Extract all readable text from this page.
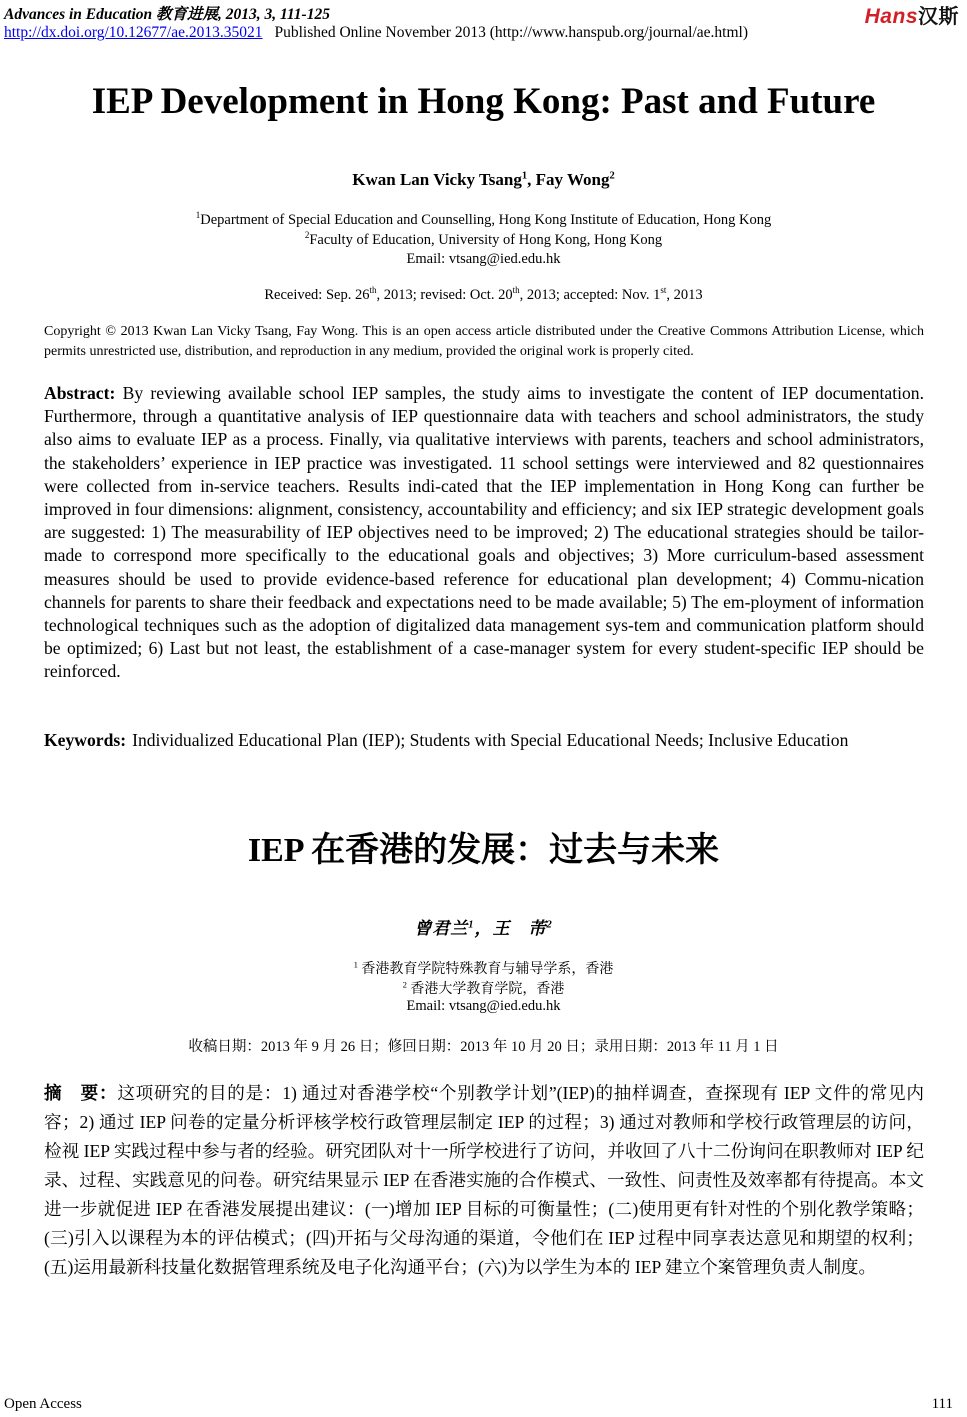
Advances in Education 教育进展, 2013, 3, 111-125
http://dx.doi.org/10.12677/ae.2013.35021 Published Online November 2013 (http://www.hanspub.org/journal/ae.html)
Hans汉斯
IEP Development in Hong Kong: Past and Future
Kwan Lan Vicky Tsang$^1$, Fay Wong$^2$
$^1$Department of Special Education and Counselling, Hong Kong Institute of Education, Hong Kong
$^2$Faculty of Education, University of Hong Kong, Hong Kong
Email: vtsang@ied.edu.hk
Received: Sep. 26th, 2013; revised: Oct. 20th, 2013; accepted: Nov. 1st, 2013
Copyright © 2013 Kwan Lan Vicky Tsang, Fay Wong. This is an open access article distributed under the Creative Commons Attribution License, which permits unrestricted use, distribution, and reproduction in any medium, provided the original work is properly cited.
Abstract: By reviewing available school IEP samples, the study aims to investigate the content of IEP documentation. Furthermore, through a quantitative analysis of IEP questionnaire data with teachers and school administrators, the study also aims to evaluate IEP as a process. Finally, via qualitative interviews with parents, teachers and school administrators, the stakeholders’ experience in IEP practice was investigated. 11 school settings were interviewed and 82 questionnaires were collected from in-service teachers. Results indi-cated that the IEP implementation in Hong Kong can further be improved in four dimensions: alignment, consistency, accountability and efficiency; and six IEP strategic development goals are suggested: 1) The measurability of IEP objectives need to be improved; 2) The educational strategies should be tailor-made to correspond more specifically to the educational goals and objectives; 3) More curriculum-based assessment measures should be used to provide evidence-based reference for educational plan development; 4) Commu-nication channels for parents to share their feedback and expectations need to be made available; 5) The em-ployment of information technological techniques such as the adoption of digitalized data management sys-tem and communication platform should be optimized; 6) Last but not least, the establishment of a case-manager system for every student-specific IEP should be reinforced.
Keywords: Individualized Educational Plan (IEP); Students with Special Educational Needs; Inclusive Education
IEP 在香港的发展：过去与未来
曾君兰$^1$，王　芾$^2$
$^1$ 香港教育学院特殊教育与辅导学系，香港
$^2$ 香港大学教育学院，香港
Email: vtsang@ied.edu.hk
收稿日期：2013 年 9 月 26 日；修回日期：2013 年 10 月 20 日；录用日期：2013 年 11 月 1 日
摘　要：这项研究的目的是：1) 通过对香港学校“个别教学计划”(IEP)的抽样调查，查探现有 IEP 文件的常见内容；2) 通过 IEP 问卷的定量分析评核学校行政管理层制定 IEP 的过程；3) 通过对教师和学校行政管理层的访问，检视 IEP 实践过程中参与者的经验。研究团队对十一所学校进行了访问，并收回了八十二份询问在职教师对 IEP 纪录、过程、实践意见的问卷。研究结果显示 IEP 在香港实施的合作模式、一致性、问责性及效率都有待提高。本文进一步就促进 IEP 在香港发展提出建议：(一)增加 IEP 目标的可衡量性；(二)使用更有针对性的个别化教学策略；(三)引入以课程为本的评估模式；(四)开拓与父母沟通的渠道，令他们在 IEP 过程中同享表达意见和期望的权利；(五)运用最新科技量化数据管理系统及电子化沟通平台；(六)为以学生为本的 IEP 建立个案管理负责人制度。
Open Access	111
